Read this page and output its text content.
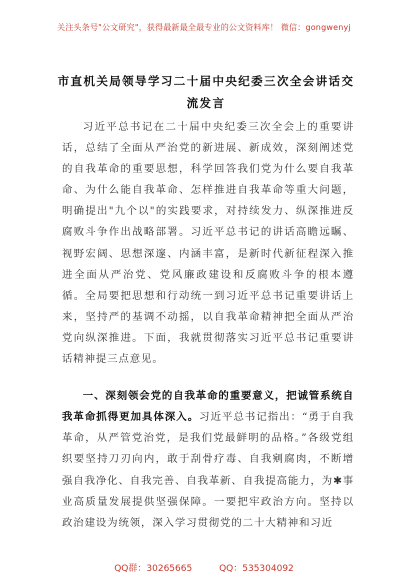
关注头条号"公文研究"，获得最新最全最专业的公文资料库！ 微信：gongwenyj
市直机关局领导学习二十届中央纪委三次全会讲话交流发言

习近平总书记在二十届中央纪委三次全会上的重要讲话，总结了全面从严治党的新进展、新成效，深刻阐述党的自我革命的重要思想，科学回答我们党为什么要自我革命、为什么能自我革命、怎样推进自我革命等重大问题，明确提出"九个以"的实践要求，对持续发力、纵深推进反腐败斗争作出战略部署。习近平总书记的讲话高瞻远瞩、视野宏阔、思想深邃、内涵丰富，是新时代新征程深入推进全面从严治党、党风廉政建设和反腐败斗争的根本遵循。全局要把思想和行动统一到习近平总书记重要讲话上来，坚持严的基调不动摇，以自我革命精神把全面从严治党向纵深推进。下面，我就贯彻落实习近平总书记重要讲话精神提三点意见。

一、深刻领会党的自我革命的重要意义，把诚管系统自我革命抓得更加具体深入。习近平总书记指出：“勇于自我革命，从严管党治党，是我们党最鲜明的品格。”各级党组织要坚持刀刃向内，敢于刮骨疗毒、自我剜腐肉，不断增强自我净化、自我完善、自我革新、自我提高能力，为✱事业高质量发展提供坚强保障。一要把牢政治方向。坚持以政治建设为统领，深入学习贯彻党的二十大精神和习近

QQ群：30265665	QQ：535304092
